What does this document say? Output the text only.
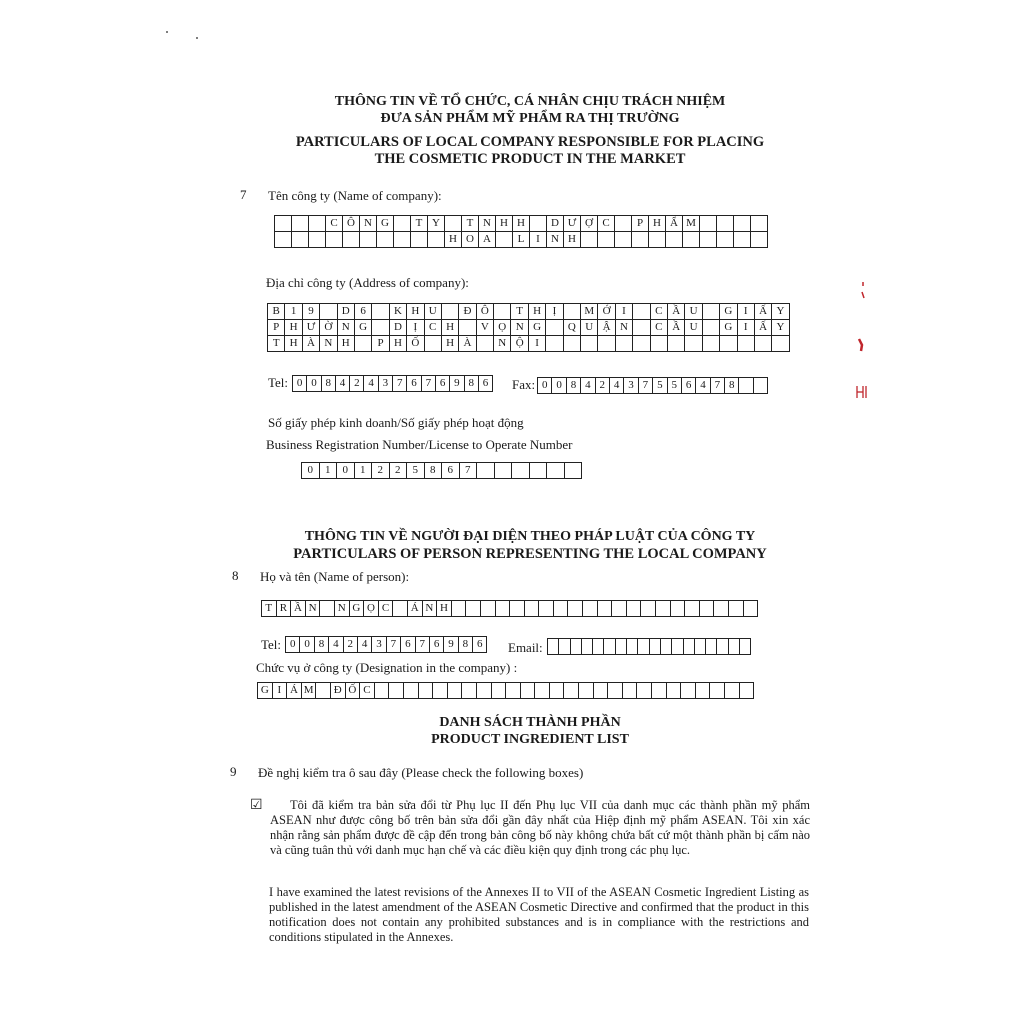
THÔNG TIN VỀ TỔ CHỨC, CÁ NHÂN CHỊU TRÁCH NHIỆM
ĐƯA SẢN PHẨM MỸ PHẨM RA THỊ TRƯỜNG
PARTICULARS OF LOCAL COMPANY RESPONSIBLE FOR PLACING
THE COSMETIC PRODUCT IN THE MARKET
7 Tên công ty (Name of company):
C Ô N G	T Y	T N H H	D Ư Ợ C	P H Ẩ M
H O A	L	I	N H
Địa chỉ công ty (Address of company):
B 1	9	D 6	K H U	Đ Ô	T H	Ị	M Ớ	I	C Ầ U	G	I	Ấ Y
P H Ư Ờ N G	D	Ị	C H	V Ọ N G	Q U Ậ N	C Ầ U	G	I	Ấ Y
T H À N H	P H Ố	H À	N Ộ	I
Tel: 0 0 8 4 2 4 3 7 6 7 6 9 8 6	Fax: 0 0 8 4 2 4 3 7 5 5 6 4 7 8
Số giấy phép kinh doanh/Số giấy phép hoạt động
Business Registration Number/License to Operate Number
0	1	0	1	2	2	5	8	6	7
THÔNG TIN VỀ NGƯỜI ĐẠI DIỆN THEO PHÁP LUẬT CỦA CÔNG TY
PARTICULARS OF PERSON REPRESENTING THE LOCAL COMPANY
8 Họ và tên (Name of person):
T R Ầ N	N G Ọ C	Á N H
Tel: 0 0 8 4 2 4 3 7 6 7 6 9 8 6	Email:
Chức vụ ở công ty (Designation in the company) :
G I Á M	Đ Ố C
DANH SÁCH THÀNH PHẦN
PRODUCT INGREDIENT LIST
9 Đề nghị kiểm tra ô sau đây (Please check the following boxes)
☑ Tôi đã kiểm tra bản sửa đổi từ Phụ lục II đến Phụ lục VII của danh mục các thành phần mỹ phẩm ASEAN như được công bố trên bản sửa đổi gần đây nhất của Hiệp định mỹ phẩm ASEAN. Tôi xin xác nhận rằng sản phẩm được đề cập đến trong bản công bố này không chứa bất cứ một thành phần bị cấm nào và cũng tuân thủ với danh mục hạn chế và các điều kiện quy định trong các phụ lục.
I have examined the latest revisions of the Annexes II to VII of the ASEAN Cosmetic Ingredient Listing as published in the latest amendment of the ASEAN Cosmetic Directive and confirmed that the product in this notification does not contain any prohibited substances and is in compliance with the restrictions and conditions stipulated in the Annexes.
